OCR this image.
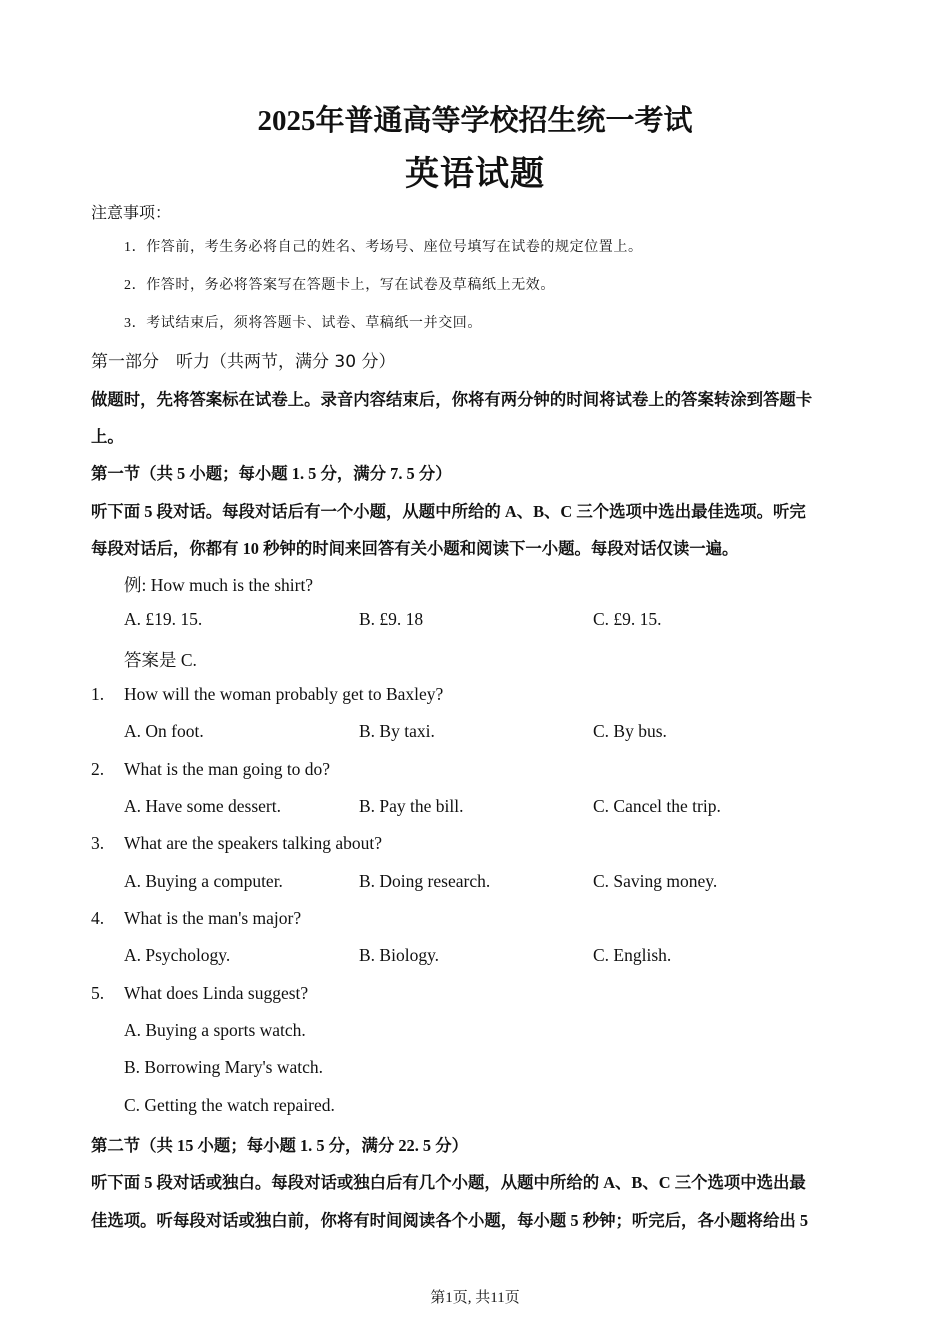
2025年普通高等学校招生统一考试
英语试题
注意事项：
1．作答前，考生务必将自己的姓名、考场号、座位号填写在试卷的规定位置上。
2．作答时，务必将答案写在答题卡上，写在试卷及草稿纸上无效。
3．考试结束后，须将答题卡、试卷、草稿纸一并交回。
第一部分　听力（共两节，满分 30 分）
做题时，先将答案标在试卷上。录音内容结束后，你将有两分钟的时间将试卷上的答案转涂到答题卡
上。
第一节（共 5 小题；每小题 1. 5 分，满分 7. 5 分）
听下面 5 段对话。每段对话后有一个小题，从题中所给的 A、B、C 三个选项中选出最佳选项。听完
每段对话后，你都有 10 秒钟的时间来回答有关小题和阅读下一小题。每段对话仅读一遍。
例: How much is the shirt?
A. £19. 15.	B. £9. 18	C. £9. 15.
答案是 C.
1. How will the woman probably get to Baxley?
A. On foot.	B. By taxi.	C. By bus.
2. What is the man going to do?
A. Have some dessert.	B. Pay the bill.	C. Cancel the trip.
3. What are the speakers talking about?
A. Buying a computer.	B. Doing research.	C. Saving money.
4. What is the man's major?
A. Psychology.	B. Biology.	C. English.
5. What does Linda suggest?
A. Buying a sports watch.
B. Borrowing Mary's watch.
C. Getting the watch repaired.
第二节（共 15 小题；每小题 1. 5 分，满分 22. 5 分）
听下面 5 段对话或独白。每段对话或独白后有几个小题，从题中所给的 A、B、C 三个选项中选出最
佳选项。听每段对话或独白前，你将有时间阅读各个小题，每小题 5 秒钟；听完后，各小题将给出 5
第1页, 共11页
